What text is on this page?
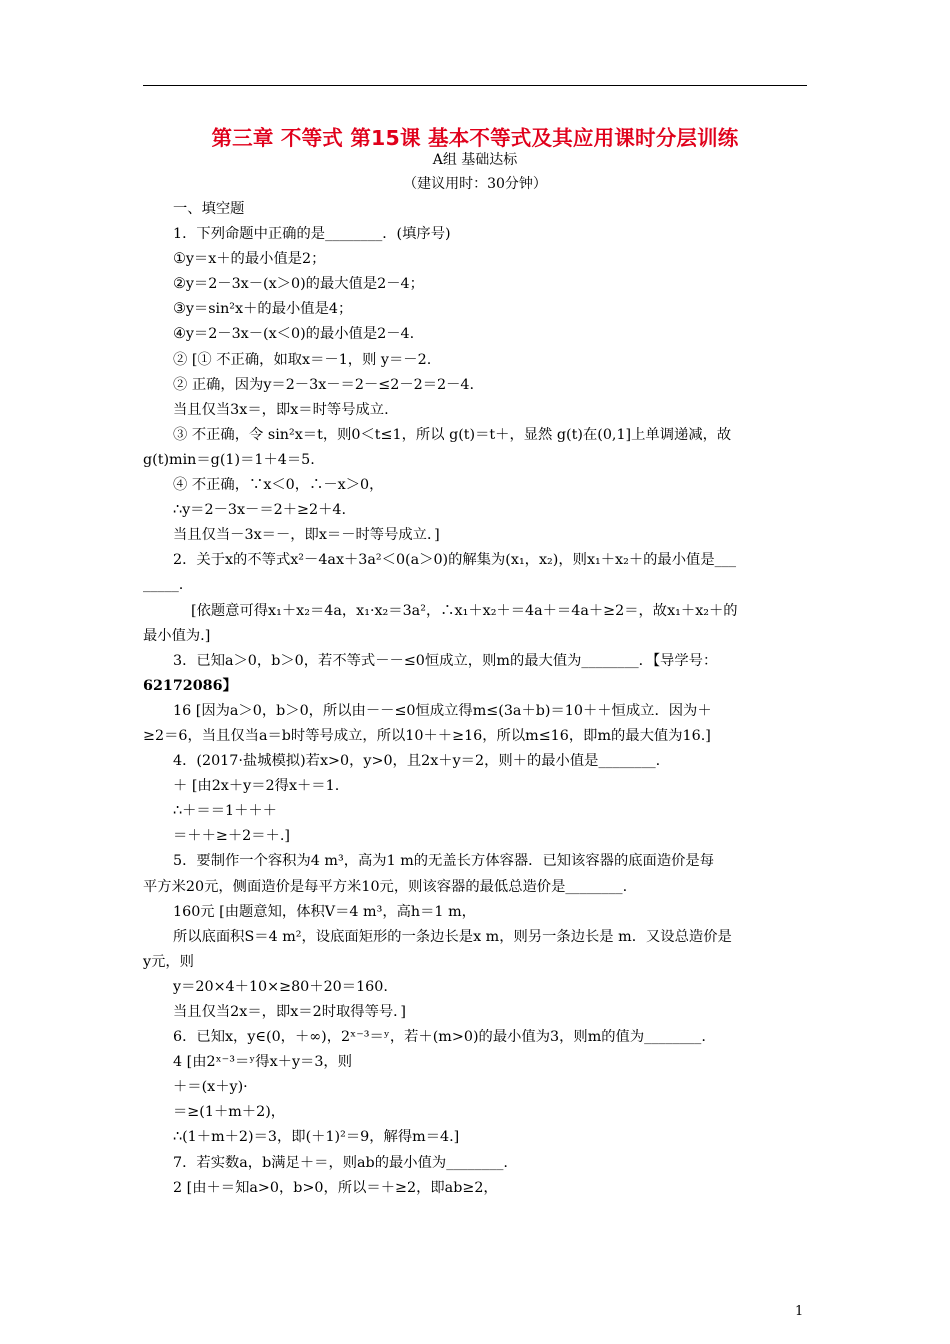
第三章 不等式 第15课 基本不等式及其应用课时分层训练
A组 基础达标
（建议用时：30分钟）
一、填空题
1．下列命题中正确的是________．(填序号)
①y＝x＋的最小值是2；
②y＝2－3x－(x＞0)的最大值是2－4；
③y＝sin²x＋的最小值是4；
④y＝2－3x－(x＜0)的最小值是2－4.
② [① 不正确，如取x＝－1，则 y＝－2.
② 正确，因为y＝2－3x－＝2－≤2－2＝2－4.
当且仅当3x＝，即x＝时等号成立.
③ 不正确，令 sin²x＝t，则0＜t≤1，所以 g(t)＝t＋，显然 g(t)在(0,1]上单调递减，故
g(t)min＝g(1)＝1＋4＝5.
④ 不正确，∵x＜0，∴－x＞0，
∴y＝2－3x－＝2＋≥2＋4.
当且仅当－3x＝－，即x＝－时等号成立．]
2．关于x的不等式x²－4ax＋3a²＜0(a＞0)的解集为(x₁，x₂)，则x₁＋x₂＋的最小值是___
_____.
[依题意可得x₁＋x₂＝4a，x₁·x₂＝3a²，∴x₁＋x₂＋＝4a＋＝4a＋≥2＝，故x₁＋x₂＋的
最小值为.]
3．已知a＞0，b＞0，若不等式－－≤0恒成立，则m的最大值为________．【导学号：
62172086】
16 [因为a＞0，b＞0，所以由－－≤0恒成立得m≤(3a＋b)＝10＋＋恒成立．因为＋
≥2＝6，当且仅当a＝b时等号成立，所以10＋＋≥16，所以m≤16，即m的最大值为16.]
4．(2017·盐城模拟)若x>0，y>0，且2x＋y＝2，则＋的最小值是________.
＋ [由2x＋y＝2得x＋＝1.
∴＋＝＝1＋＋＋
＝＋＋≥＋2＝＋.]
5．要制作一个容积为4 m³，高为1 m的无盖长方体容器．已知该容器的底面造价是每
平方米20元，侧面造价是每平方米10元，则该容器的最低总造价是________.
160元 [由题意知，体积V＝4 m³，高h＝1 m，
所以底面积S＝4 m²，设底面矩形的一条边长是x m，则另一条边长是 m．又设总造价是
y元，则
y＝20×4＋10×≥80＋20＝160.
当且仅当2x＝，即x＝2时取得等号．]
6．已知x，y∈(0，＋∞)，2ˣ⁻³＝ʸ，若＋(m>0)的最小值为3，则m的值为________.
4 [由2ˣ⁻³＝ʸ得x＋y＝3，则
＋＝(x＋y)·
＝≥(1＋m＋2)，
∴(1＋m＋2)＝3，即(＋1)²＝9，解得m＝4.]
7．若实数a，b满足＋＝，则ab的最小值为________.
2 [由＋＝知a>0，b>0，所以＝＋≥2，即ab≥2，
1
